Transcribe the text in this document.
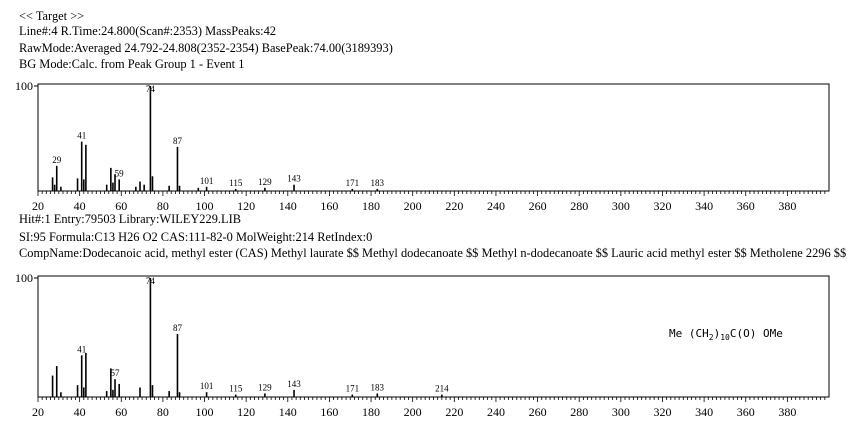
<< Target >>
Line#:4 R.Time:24.800(Scan#:2353) MassPeaks:42
RawMode:Averaged 24.792-24.808(2352-2354) BasePeak:74.00(3189393)
BG Mode:Calc. from Peak Group 1 - Event 1
Hit#:1 Entry:79503 Library:WILEY229.LIB
SI:95 Formula:C13 H26 O2 CAS:111-82-0 MolWeight:214 RetIndex:0
CompName:Dodecanoic acid, methyl ester (CAS) Methyl laurate $$ Methyl dodecanoate $$ Methyl n-dodecanoate $$ Lauric acid methyl ester $$ Metholene 2296 $$
100
20 40 60 80 100 120 140 160 180 200 220 240 260 280 300 320 340 360 380
29
41
59
74
87
101 115 129 143	171 183
100
20 40 60 80 100 120 140 160 180 200 220 240 260 280 300 320 340 360 380
41
57
74
87
101 115 129 143	171 183	214
Me $(CH_2)_{10}C(O)$ OMe
